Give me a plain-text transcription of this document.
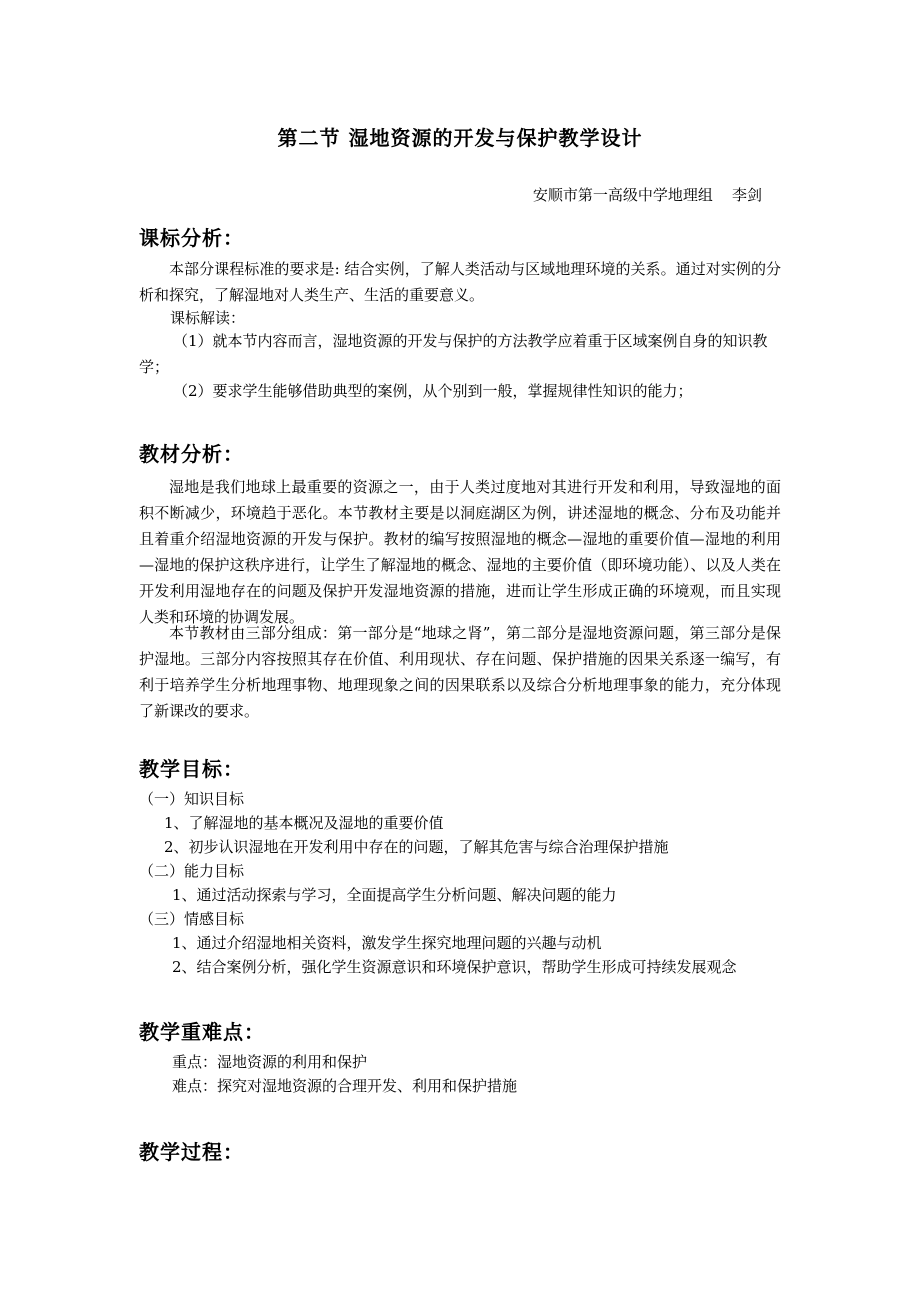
第二节 湿地资源的开发与保护教学设计
安顺市第一高级中学地理组    李剑
课标分析：
本部分课程标准的要求是: 结合实例，了解人类活动与区域地理环境的关系。通过对实例的分析和探究，了解湿地对人类生产、生活的重要意义。
课标解读：
（1）就本节内容而言，湿地资源的开发与保护的方法教学应着重于区域案例自身的知识教学；
（2）要求学生能够借助典型的案例，从个别到一般，掌握规律性知识的能力；
教材分析：
湿地是我们地球上最重要的资源之一，由于人类过度地对其进行开发和利用，导致湿地的面积不断减少，环境趋于恶化。本节教材主要是以洞庭湖区为例，讲述湿地的概念、分布及功能并且着重介绍湿地资源的开发与保护。教材的编写按照湿地的概念—湿地的重要价值—湿地的利用—湿地的保护这秩序进行，让学生了解湿地的概念、湿地的主要价值（即环境功能）、以及人类在开发利用湿地存在的问题及保护开发湿地资源的措施，进而让学生形成正确的环境观，而且实现人类和环境的协调发展。
本节教材由三部分组成：第一部分是“地球之肾”，第二部分是湿地资源问题，第三部分是保护湿地。三部分内容按照其存在价值、利用现状、存在问题、保护措施的因果关系逐一编写，有利于培养学生分析地理事物、地理现象之间的因果联系以及综合分析地理事象的能力，充分体现了新课改的要求。
教学目标：
（一）知识目标
1、了解湿地的基本概况及湿地的重要价值
2、初步认识湿地在开发利用中存在的问题，了解其危害与综合治理保护措施
（二）能力目标
1、通过活动探索与学习，全面提高学生分析问题、解决问题的能力
（三）情感目标
1、通过介绍湿地相关资料，激发学生探究地理问题的兴趣与动机
2、结合案例分析，强化学生资源意识和环境保护意识，帮助学生形成可持续发展观念
教学重难点：
重点：湿地资源的利用和保护
难点：探究对湿地资源的合理开发、利用和保护措施
教学过程：
